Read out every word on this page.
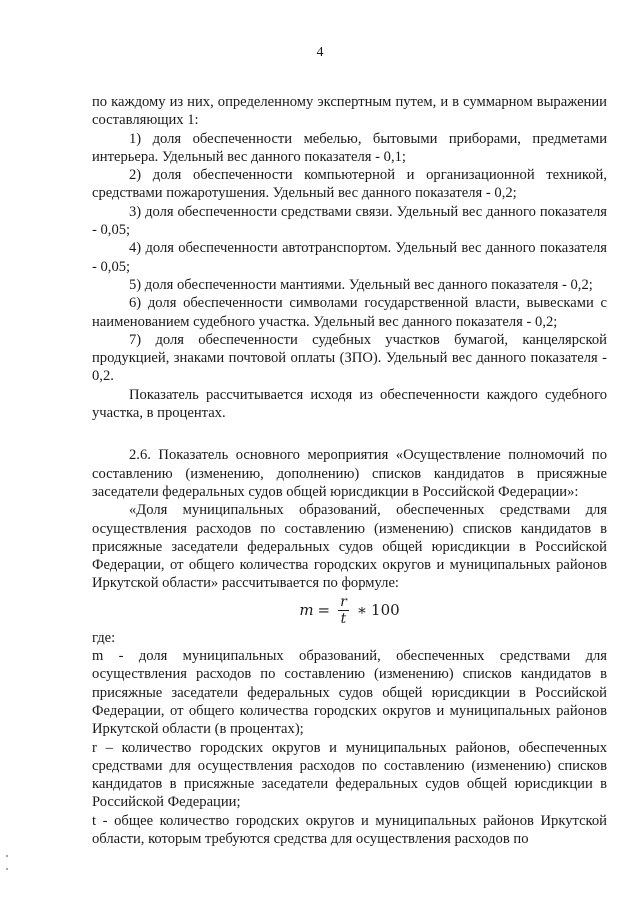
4

по каждому из них, определенному экспертным путем, и в суммарном выражении составляющих 1:

1) доля обеспеченности мебелью, бытовыми приборами, предметами интерьера. Удельный вес данного показателя - 0,1;

2) доля обеспеченности компьютерной и организационной техникой, средствами пожаротушения. Удельный вес данного показателя - 0,2;

3) доля обеспеченности средствами связи. Удельный вес данного показателя - 0,05;

4) доля обеспеченности автотранспортом. Удельный вес данного показателя - 0,05;

5) доля обеспеченности мантиями. Удельный вес данного показателя - 0,2;

6) доля обеспеченности символами государственной власти, вывесками с наименованием судебного участка. Удельный вес данного показателя - 0,2;

7) доля обеспеченности судебных участков бумагой, канцелярской продукцией, знаками почтовой оплаты (ЗПО). Удельный вес данного показателя - 0,2.

Показатель рассчитывается исходя из обеспеченности каждого судебного участка, в процентах.

2.6. Показатель основного мероприятия «Осуществление полномочий по составлению (изменению, дополнению) списков кандидатов в присяжные заседатели федеральных судов общей юрисдикции в Российской Федерации»:

«Доля муниципальных образований, обеспеченных средствами для осуществления расходов по составлению (изменению) списков кандидатов в присяжные заседатели федеральных судов общей юрисдикции в Российской Федерации, от общего количества городских округов и муниципальных районов Иркутской области» рассчитывается по формуле:

$m = \frac{r}{t}$ ∗ 100

где:

m - доля муниципальных образований, обеспеченных средствами для осуществления расходов по составлению (изменению) списков кандидатов в присяжные заседатели федеральных судов общей юрисдикции в Российской Федерации, от общего количества городских округов и муниципальных районов Иркутской области (в процентах);

r – количество городских округов и муниципальных районов, обеспеченных средствами для осуществления расходов по составлению (изменению) списков кандидатов в присяжные заседатели федеральных судов общей юрисдикции в Российской Федерации;

t - общее количество городских округов и муниципальных районов Иркутской области, которым требуются средства для осуществления расходов по
